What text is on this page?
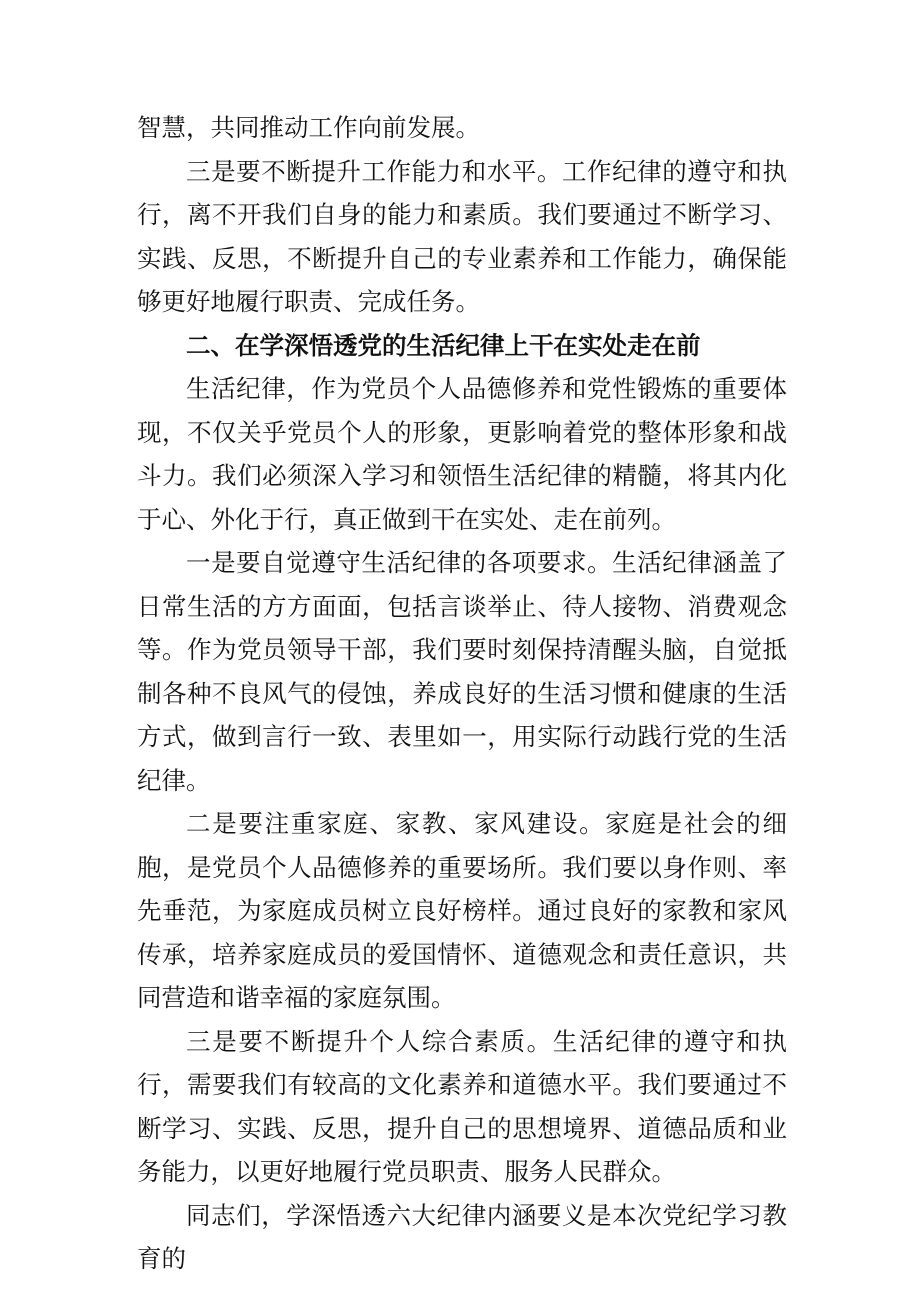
智慧，共同推动工作向前发展。

三是要不断提升工作能力和水平。工作纪律的遵守和执行，离不开我们自身的能力和素质。我们要通过不断学习、实践、反思，不断提升自己的专业素养和工作能力，确保能够更好地履行职责、完成任务。

二、在学深悟透党的生活纪律上干在实处走在前

生活纪律，作为党员个人品德修养和党性锻炼的重要体现，不仅关乎党员个人的形象，更影响着党的整体形象和战斗力。我们必须深入学习和领悟生活纪律的精髓，将其内化于心、外化于行，真正做到干在实处、走在前列。

一是要自觉遵守生活纪律的各项要求。生活纪律涵盖了日常生活的方方面面，包括言谈举止、待人接物、消费观念等。作为党员领导干部，我们要时刻保持清醒头脑，自觉抵制各种不良风气的侵蚀，养成良好的生活习惯和健康的生活方式，做到言行一致、表里如一，用实际行动践行党的生活纪律。

二是要注重家庭、家教、家风建设。家庭是社会的细胞，是党员个人品德修养的重要场所。我们要以身作则、率先垂范，为家庭成员树立良好榜样。通过良好的家教和家风传承，培养家庭成员的爱国情怀、道德观念和责任意识，共同营造和谐幸福的家庭氛围。

三是要不断提升个人综合素质。生活纪律的遵守和执行，需要我们有较高的文化素养和道德水平。我们要通过不断学习、实践、反思，提升自己的思想境界、道德品质和业务能力，以更好地履行党员职责、服务人民群众。

同志们，学深悟透六大纪律内涵要义是本次党纪学习教育的
